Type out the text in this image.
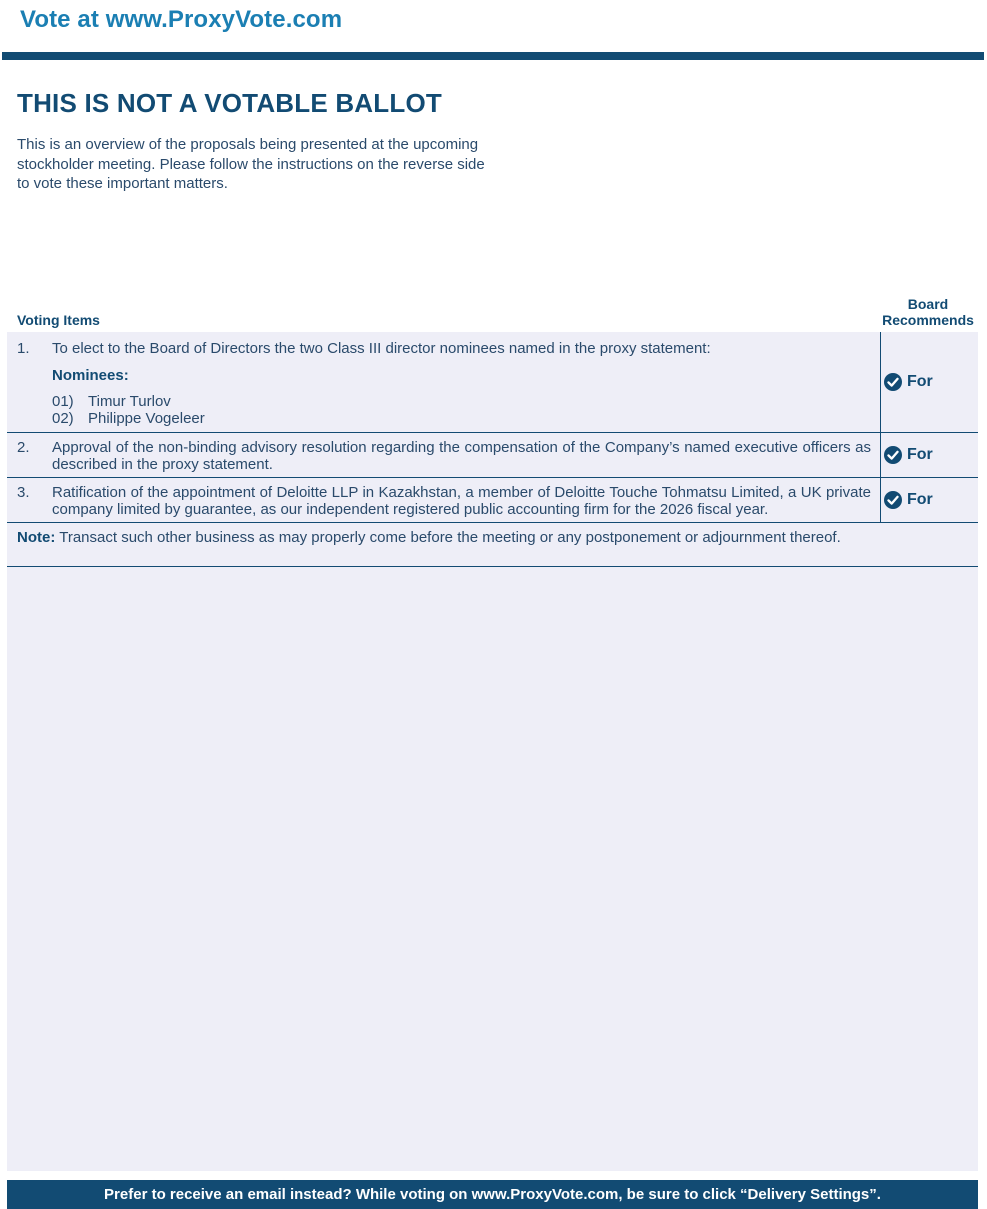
Vote at www.ProxyVote.com
THIS IS NOT A VOTABLE BALLOT
This is an overview of the proposals being presented at the upcoming stockholder meeting. Please follow the instructions on the reverse side to vote these important matters.
Voting Items
Board Recommends
1. To elect to the Board of Directors the two Class III director nominees named in the proxy statement:
Nominees:
01) Timur Turlov
02) Philippe Vogeleer
For
2. Approval of the non-binding advisory resolution regarding the compensation of the Company’s named executive officers as described in the proxy statement.
For
3. Ratification of the appointment of Deloitte LLP in Kazakhstan, a member of Deloitte Touche Tohmatsu Limited, a UK private company limited by guarantee, as our independent registered public accounting firm for the 2026 fiscal year.
For
Note: Transact such other business as may properly come before the meeting or any postponement or adjournment thereof.
Prefer to receive an email instead? While voting on www.ProxyVote.com, be sure to click “Delivery Settings”.
